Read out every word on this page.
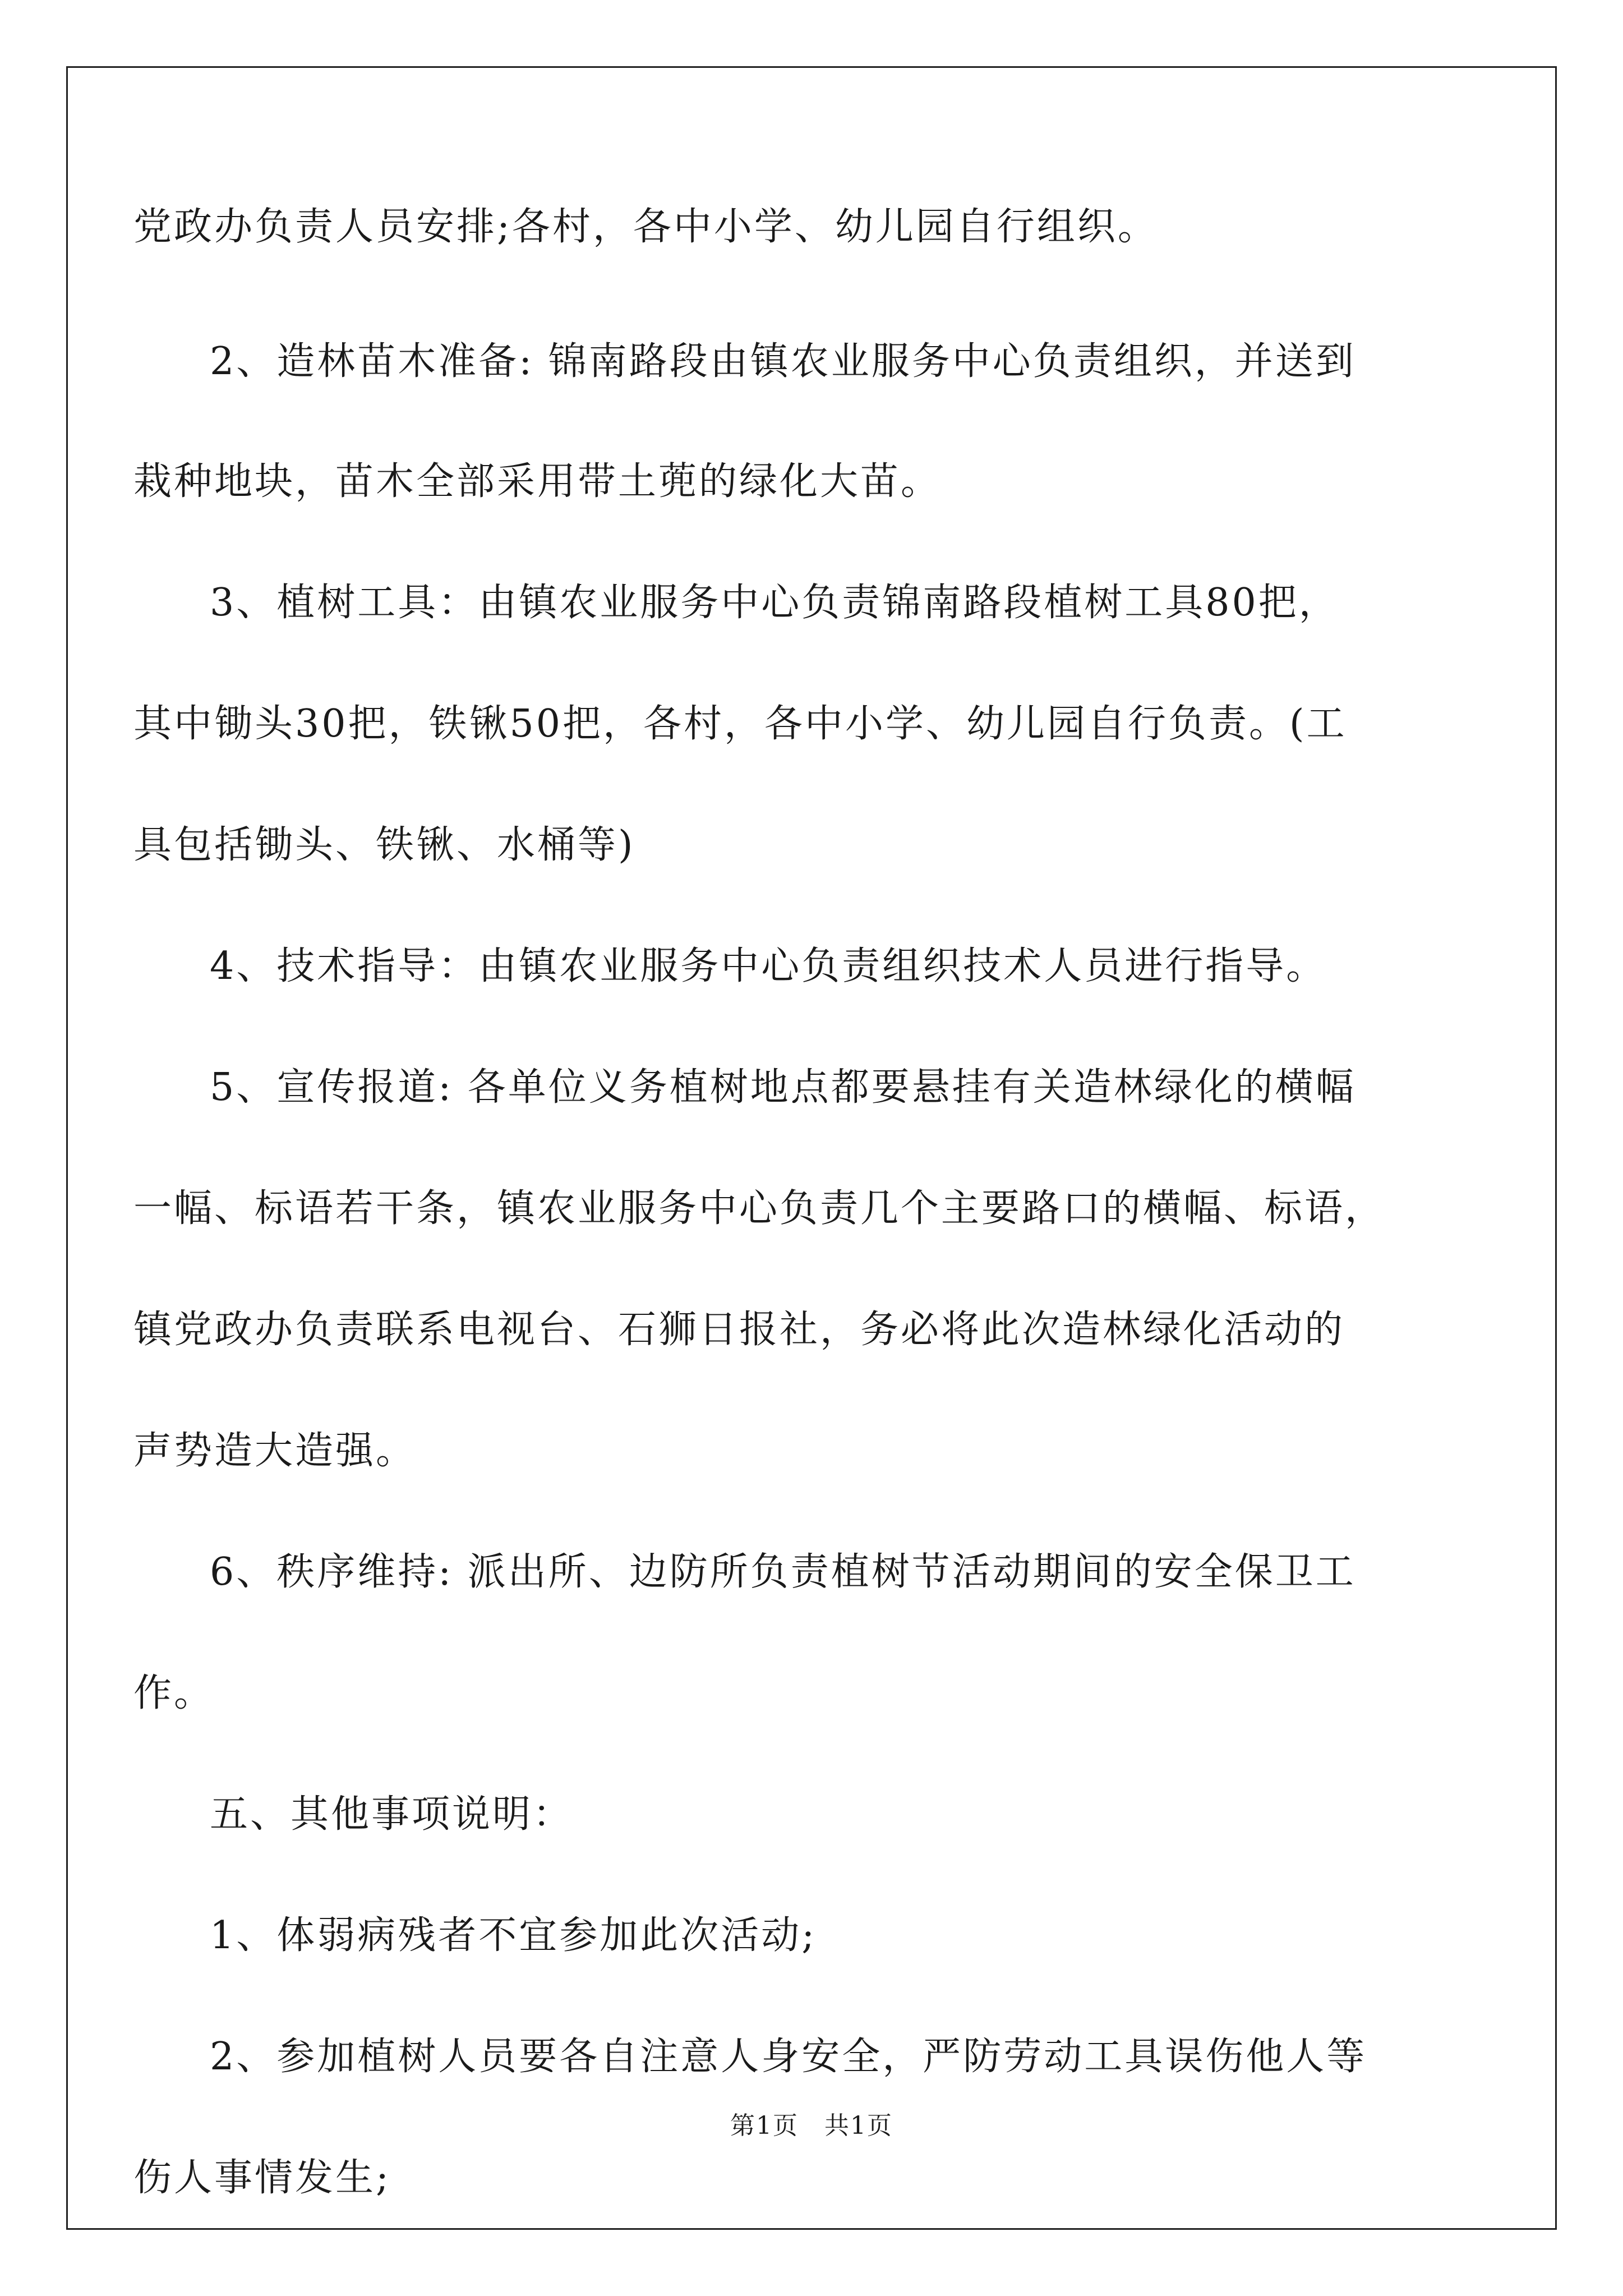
党政办负责人员安排;各村，各中小学、幼儿园自行组织。
2、造林苗木准备: 锦南路段由镇农业服务中心负责组织，并送到
栽种地块，苗木全部采用带土蔸的绿化大苗。
3、植树工具：由镇农业服务中心负责锦南路段植树工具80把，
其中锄头30把，铁锹50把，各村，各中小学、幼儿园自行负责。(工
具包括锄头、铁锹、水桶等)
4、技术指导：由镇农业服务中心负责组织技术人员进行指导。
5、宣传报道: 各单位义务植树地点都要悬挂有关造林绿化的横幅
一幅、标语若干条，镇农业服务中心负责几个主要路口的横幅、标语，
镇党政办负责联系电视台、石狮日报社，务必将此次造林绿化活动的
声势造大造强。
6、秩序维持: 派出所、边防所负责植树节活动期间的安全保卫工
作。
五、其他事项说明：
1、体弱病残者不宜参加此次活动;
2、参加植树人员要各自注意人身安全，严防劳动工具误伤他人等
伤人事情发生;
第1页　共1页
